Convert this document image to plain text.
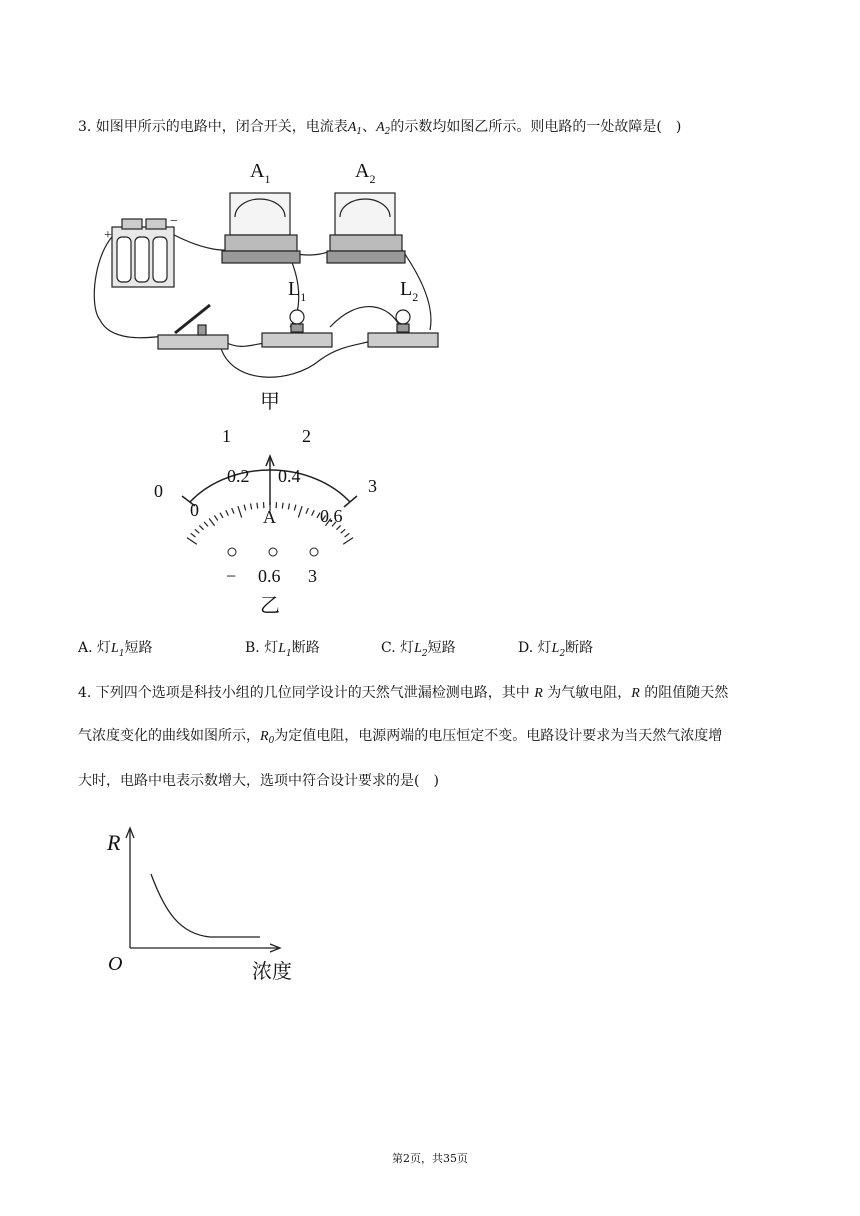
3. 如图甲所示的电路中，闭合开关，电流表$A_1$、$A_2$的示数均如图乙所示。则电路的一处故障是(　)
+
−
$A_1$	$A_2$
$L_1$	$L_2$
甲
0
1	2
3
0
0.2 0.4
0.6
A
− 0.6 3
乙
A. 灯$L_1$短路	B. 灯$L_1$断路	C. 灯$L_2$短路	D. 灯$L_2$断路
4. 下列四个选项是科技小组的几位同学设计的天然气泄漏检测电路，其中 R 为气敏电阻，R 的阻值随天然
气浓度变化的曲线如图所示，$R_0$为定值电阻，电源两端的电压恒定不变。电路设计要求为当天然气浓度增
大时，电路中电表示数增大，选项中符合设计要求的是(　)
R
O	浓度
第2页，共35页
